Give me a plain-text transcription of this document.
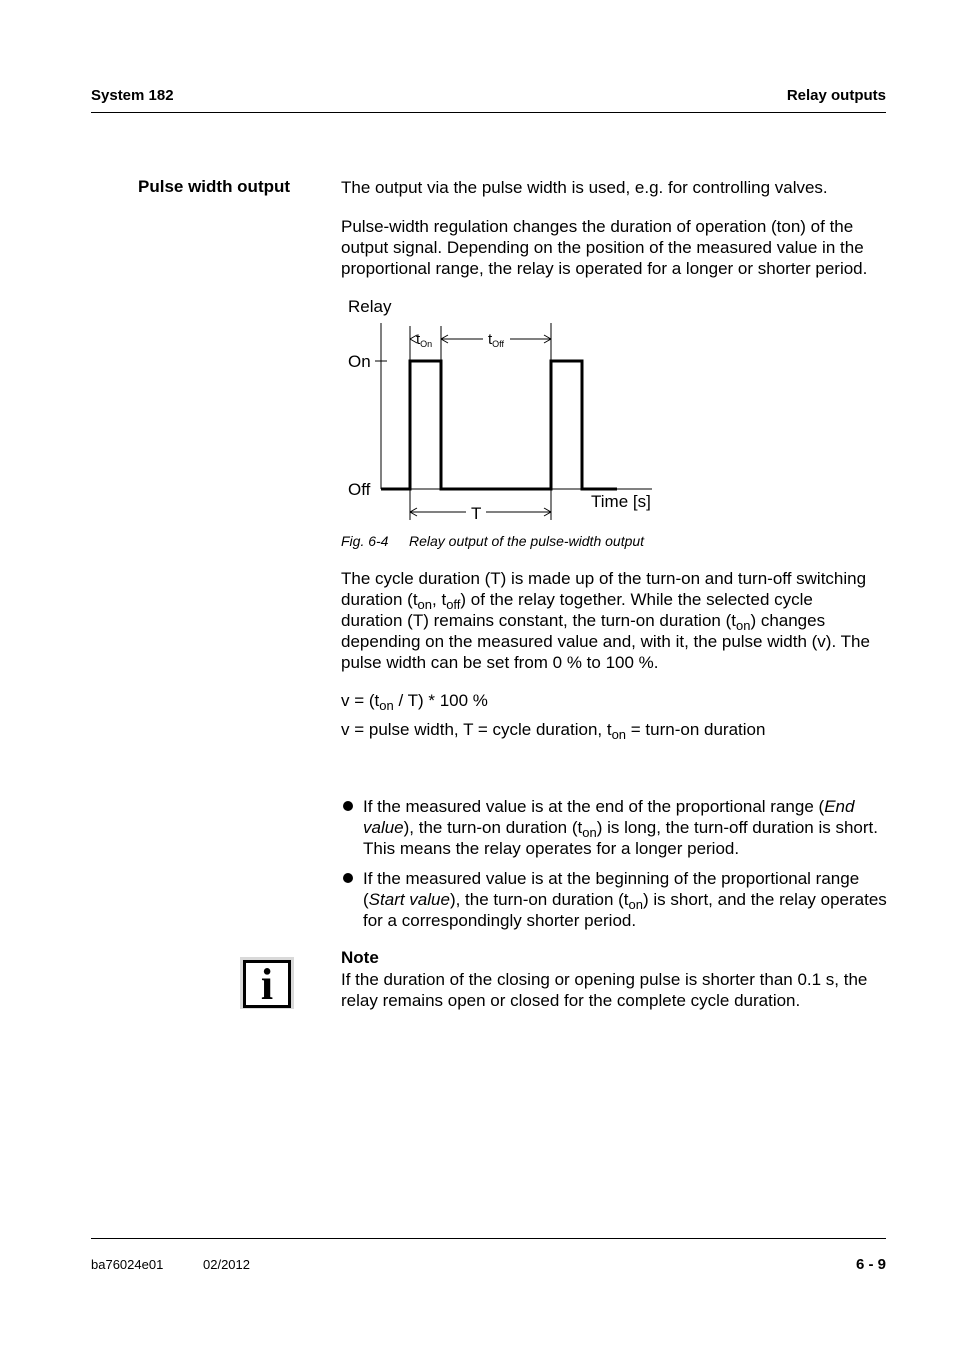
System 182	Relay outputs
Pulse width output	The output via the pulse width is used, e.g. for controlling valves.
Pulse-width regulation changes the duration of operation (ton) of the output signal. Depending on the position of the measured value in the proportional range, the relay is operated for a longer or shorter period.
Relay
On
Off
Time [s]
$t_{On}$	$t_{Off}$
T
Fig. 6-4 Relay output of the pulse-width output
The cycle duration (T) is made up of the turn-on and turn-off switching
duration ($t_{on}$, $t_{off}$) of the relay together. While the selected cycle
duration (T) remains constant, the turn-on duration $(t_{on})$ changes
depending on the measured value and, with it, the pulse width (v). The
pulse width can be set from 0 % to 100 %.
$v = (t_{on} / T) * 100$ %
v = pulse width, T = cycle duration, $t_{on}$ = turn-on duration
If the measured value is at the end of the proportional range (End value), the turn-on duration $(t_{on})$ is long, the turn-off duration is short. This means the relay operates for a longer period.
If the measured value is at the beginning of the proportional range (Start value), the turn-on duration $(t_{on})$ is short, and the relay operates for a correspondingly shorter period.
i
Note
If the duration of the closing or opening pulse is shorter than 0.1 s, the relay remains open or closed for the complete cycle duration.
ba76024e01	02/2012	6 - 9
